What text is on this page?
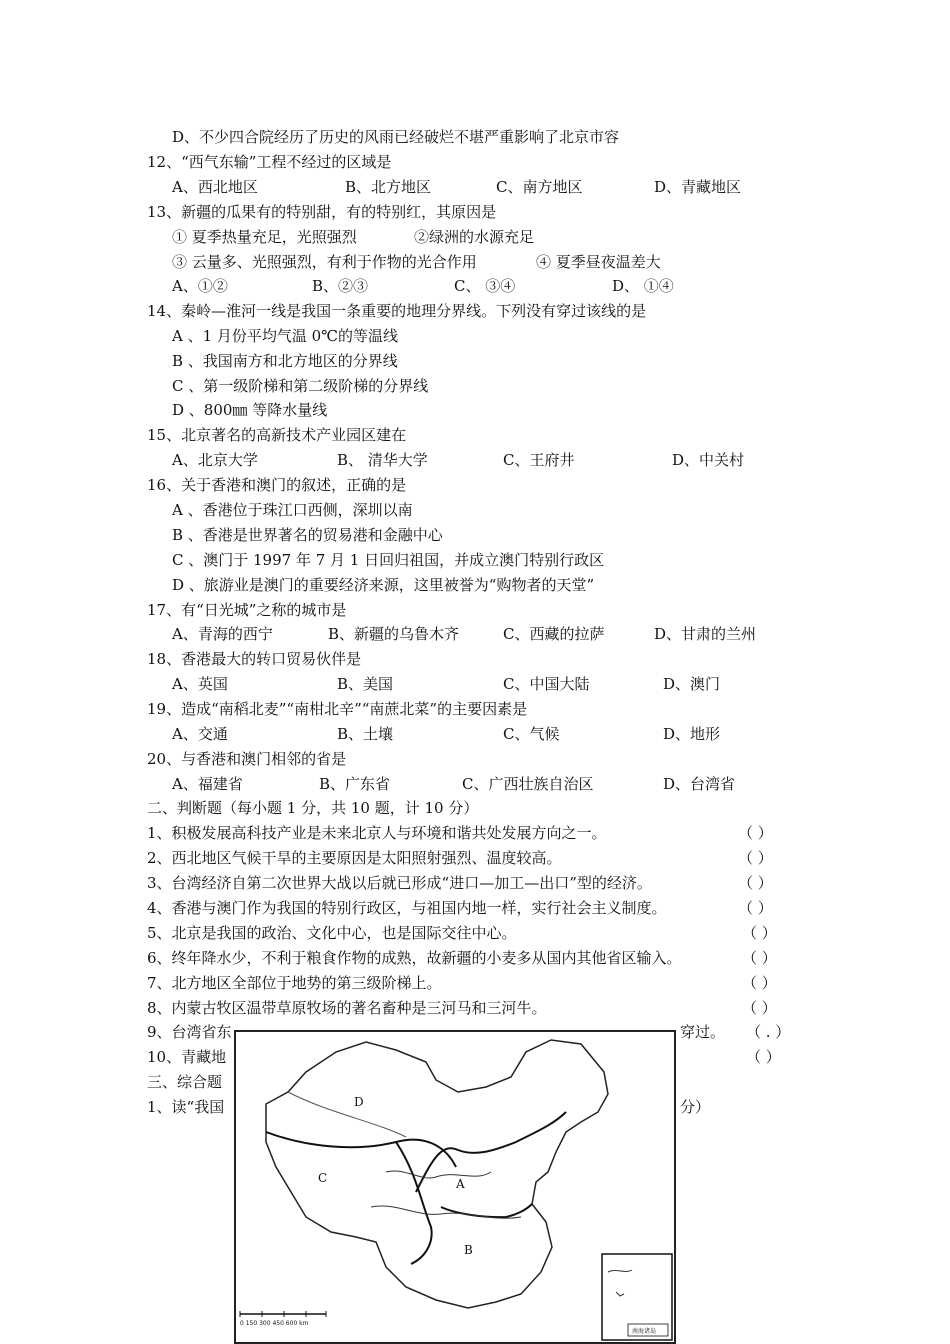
D、不少四合院经历了历史的风雨已经破烂不堪严重影响了北京市容
12、“西气东输”工程不经过的区域是
A、西北地区	B、北方地区	C、南方地区	D、青藏地区
13、新疆的瓜果有的特别甜，有的特别红，其原因是
① 夏季热量充足，光照强烈	②绿洲的水源充足
③ 云量多、光照强烈，有利于作物的光合作用	④ 夏季昼夜温差大
A、①②	B、②③	C、 ③④	D、 ①④
14、秦岭—淮河一线是我国一条重要的地理分界线。下列没有穿过该线的是
A 、1 月份平均气温 0℃的等温线
B 、我国南方和北方地区的分界线
C 、第一级阶梯和第二级阶梯的分界线
D 、800㎜ 等降水量线
15、北京著名的高新技术产业园区建在
A、北京大学	B、 清华大学	C、王府井	D、中关村
16、关于香港和澳门的叙述，正确的是
A 、香港位于珠江口西侧，深圳以南
B 、香港是世界著名的贸易港和金融中心
C 、澳门于 1997 年 7 月 1 日回归祖国，并成立澳门特别行政区
D 、旅游业是澳门的重要经济来源，这里被誉为“购物者的天堂”
17、有“日光城”之称的城市是
A、青海的西宁	B、新疆的乌鲁木齐	C、西藏的拉萨	D、甘肃的兰州
18、香港最大的转口贸易伙伴是
A、英国	B、美国	C、中国大陆	D、澳门
19、造成“南稻北麦”“南柑北辛”“南蔗北菜”的主要因素是
A、交通	B、土壤	C、气候	D、地形
20、与香港和澳门相邻的省是
A、福建省	B、广东省	C、广西壮族自治区	D、台湾省
二、判断题（每小题 1 分，共 10 题，计 10 分）
1、积极发展高科技产业是未来北京人与环境和谐共处发展方向之一。	（ ）
2、西北地区气候干旱的主要原因是太阳照射强烈、温度较高。	（ ）
3、台湾经济自第二次世界大战以后就已形成“进口—加工—出口”型的经济。	（ ）
4、香港与澳门作为我国的特别行政区，与祖国内地一样，实行社会主义制度。	（ ）
5、北京是我国的政治、文化中心，也是国际交往中心。	（ ）
6、终年降水少，不利于粮食作物的成熟，故新疆的小麦多从国内其他省区输入。	（ ）
7、北方地区全部位于地势的第三级阶梯上。	（ ）
8、内蒙古牧区温带草原牧场的著名畜种是三河马和三河牛。	（ ）
9、台湾省东	穿过。 （ . ）
10、青藏地	（ ）
三、综合题
1、读“我国	分）
D
C	A
B
0 150 300 450 600 km
南海诸岛
